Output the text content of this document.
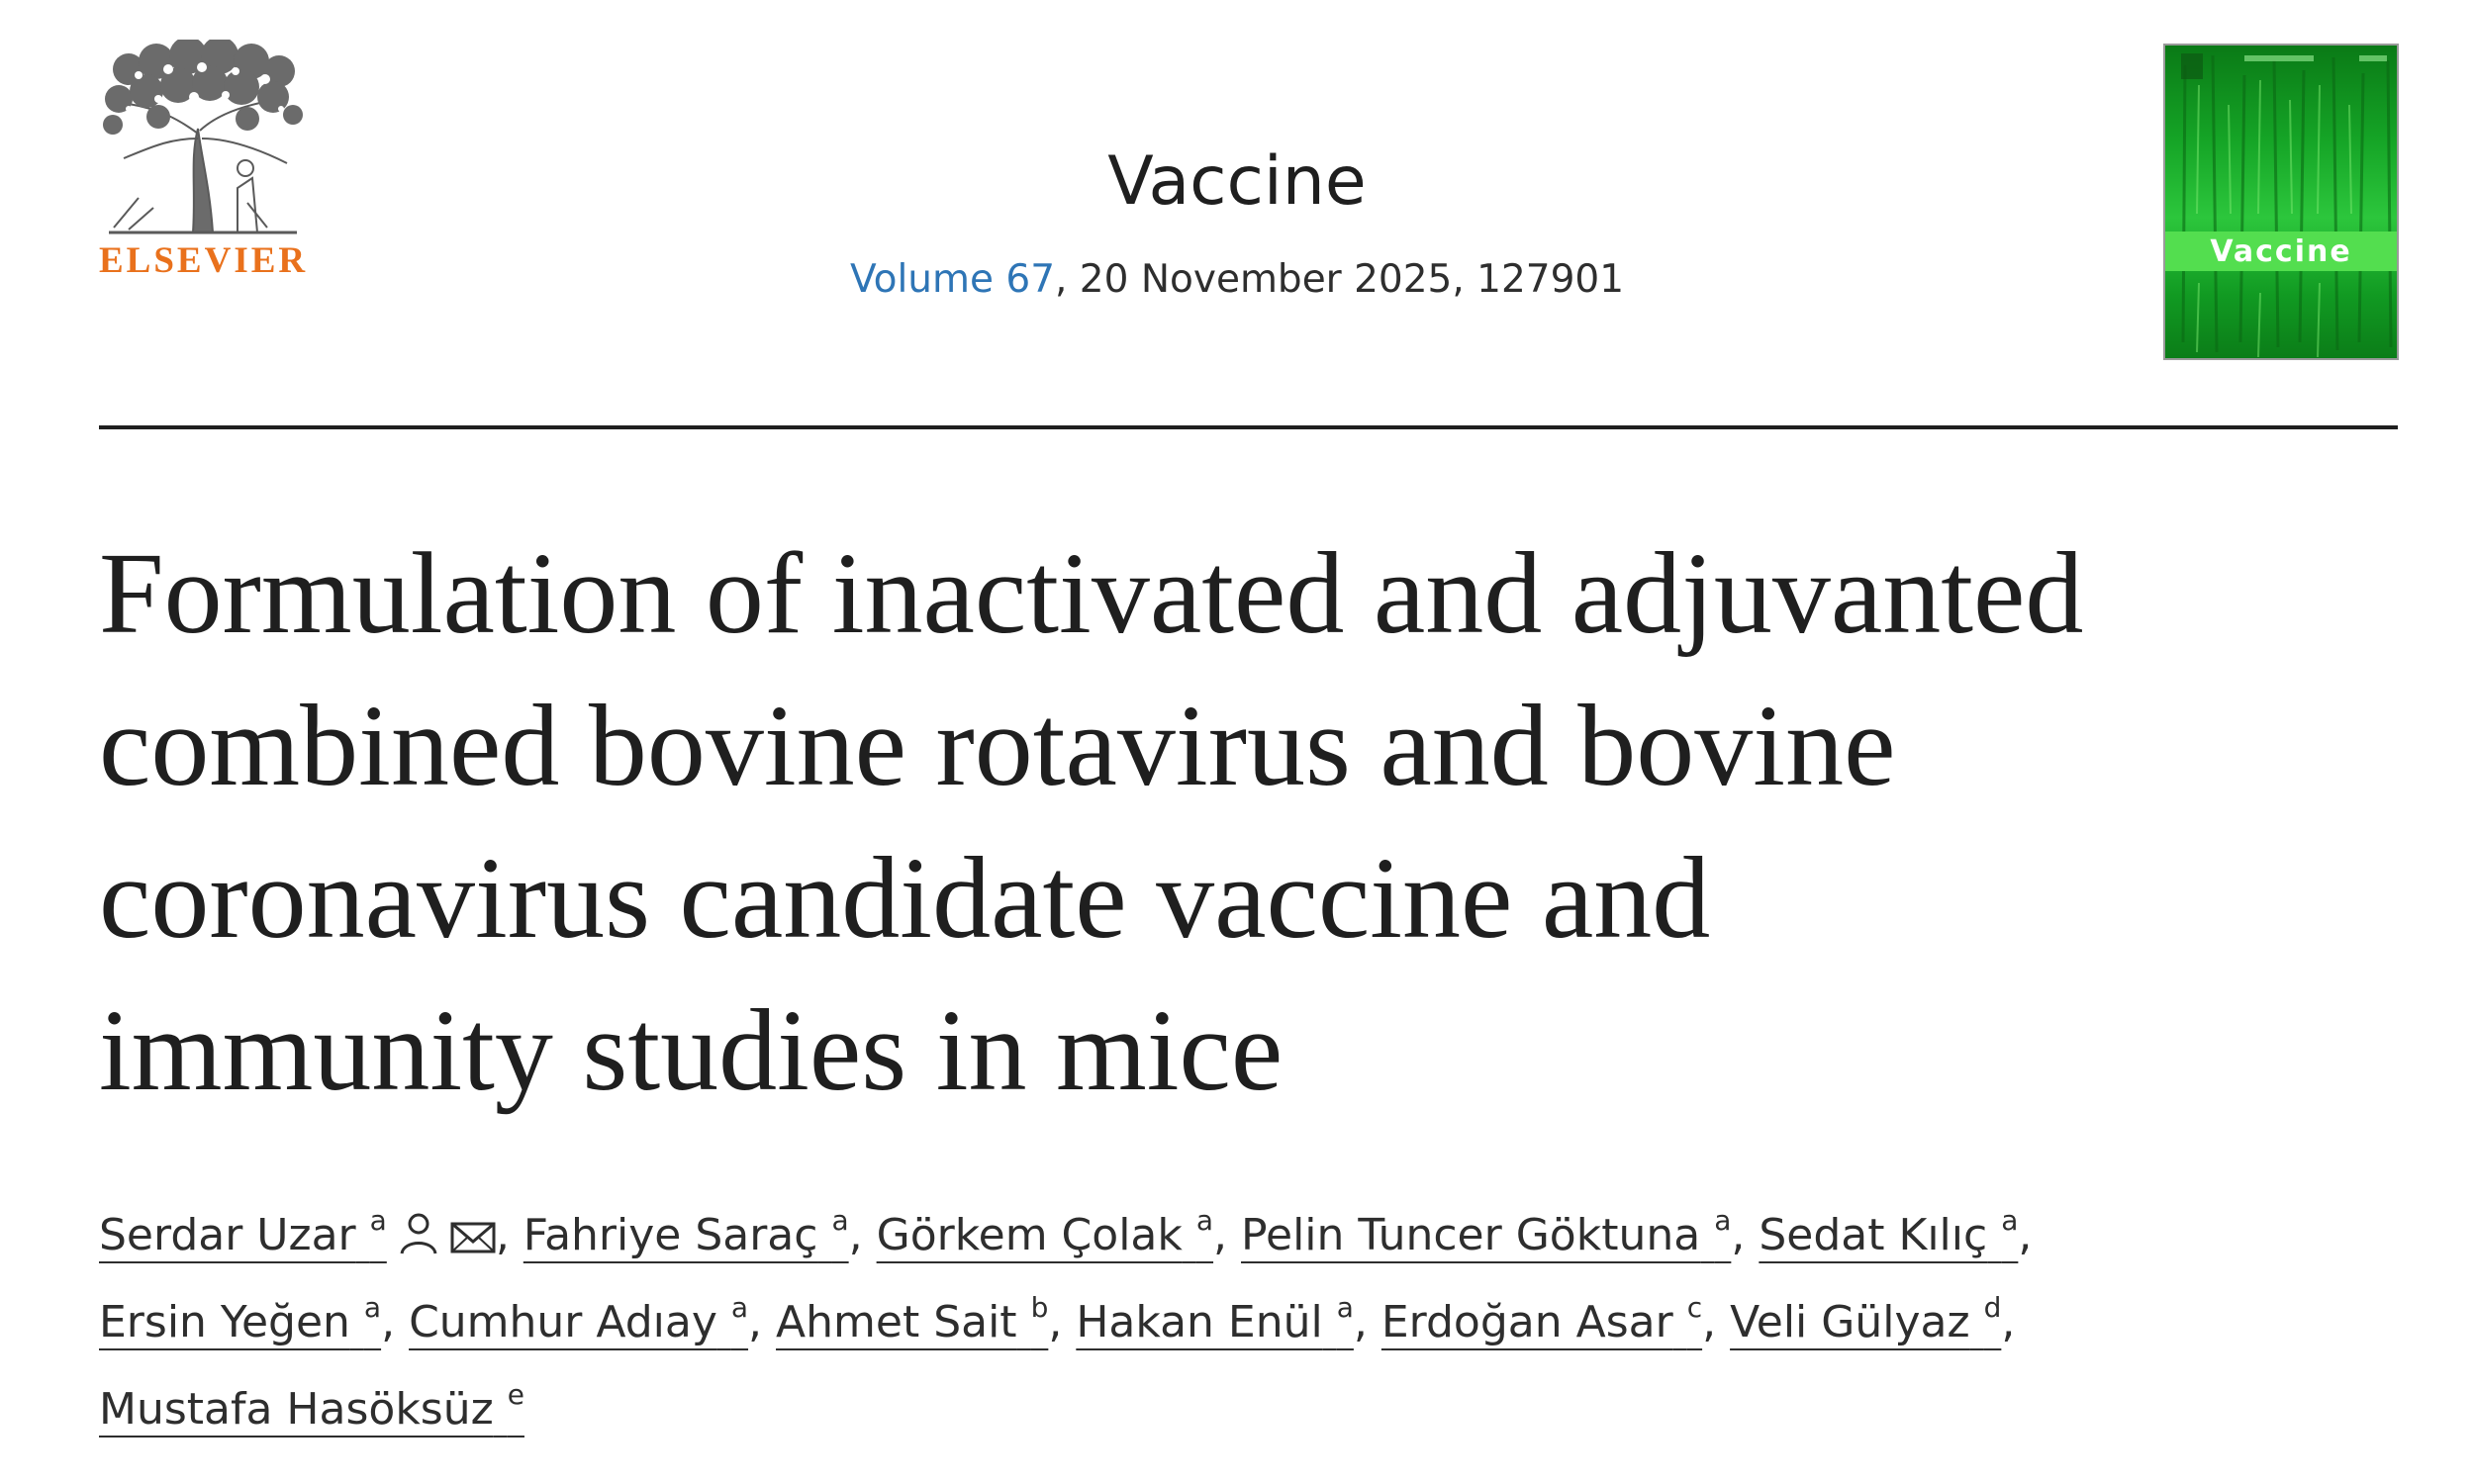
ELSEVIER
Vaccine
Volume 67, 20 November 2025, 127901
Vaccine
Formulation of inactivated and adjuvanted
combined bovine rotavirus and bovine
coronavirus candidate vaccine and
immunity studies in mice
Serdar Uzar $^a$	, Fahriye Saraç $^a$, Görkem Çolak $^a$, Pelin Tuncer Göktuna $^a$, Sedat Kılıç $^a$,
Ersin Yeğen $^a$, Cumhur Adıay $^a$, Ahmet Sait $^b$, Hakan Enül $^a$, Erdoğan Asar $^c$, Veli Gülyaz $^d$,
Mustafa Hasöksüz $^e$
